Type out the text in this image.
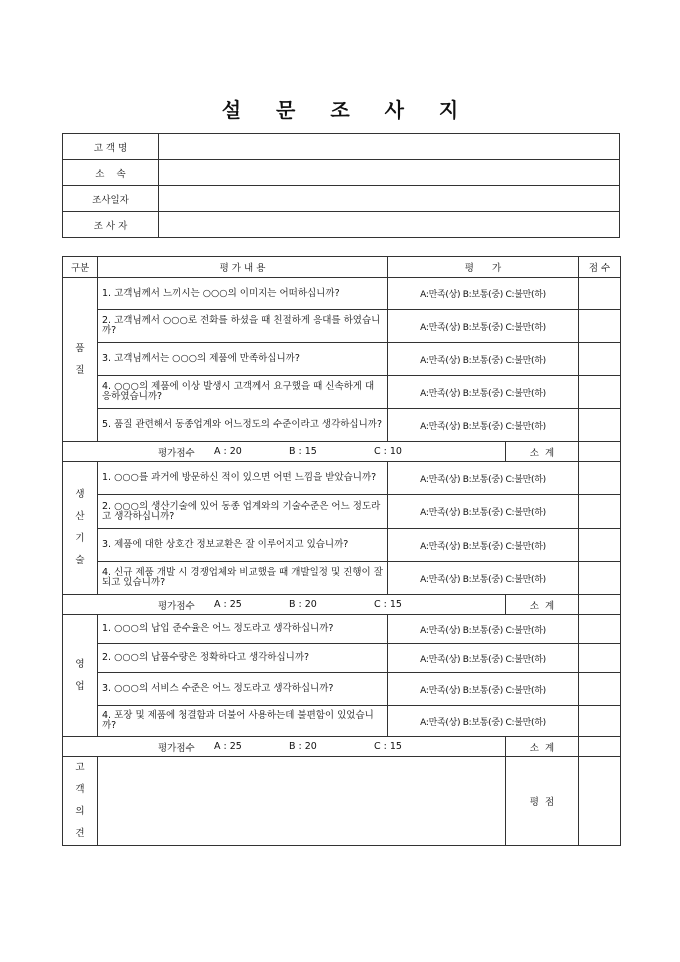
설 문 조 사 지
고 객 명	
소    속	
조사일자	
조 사 자	
구분	평 가 내 용	평      가		점 수
품질	1. 고객님께서 느끼시는 ○○○의 이미지는 어떠하십니까?	A:만족(상) B:보통(중) C:불만(하)		
	2. 고객님께서 ○○○로 전화를 하셨을 때 친절하게 응대를 하였습니까?	A:만족(상) B:보통(중) C:불만(하)		
	3. 고객님께서는 ○○○의 제품에 만족하십니까?	A:만족(상) B:보통(중) C:불만(하)		
	4. ○○○의 제품에 이상 발생시 고객께서 요구했을 때 신속하게 대응하였습니까?	A:만족(상) B:보통(중) C:불만(하)		
	5. 품질 관련해서 동종업계와 어느정도의 수준이라고 생각하십니까?	A:만족(상) B:보통(중) C:불만(하)		

평가점수 A : 20 B : 15 C : 10			소  계	
생산기술	1. ○○○를 과거에 방문하신 적이 있으면 어떤 느낌을 받았습니까?	A:만족(상) B:보통(중) C:불만(하)		
	2. ○○○의 생산기술에 있어 동종 업계와의 기술수준은 어느 정도라고 생각하십니까?	A:만족(상) B:보통(중) C:불만(하)		
	3. 제품에 대한 상호간 정보교환은 잘 이루어지고 있습니까?	A:만족(상) B:보통(중) C:불만(하)		
	4. 신규 제품 개발 시 경쟁업체와 비교했을 때 개발일정 및 진행이 잘 되고 있습니까?	A:만족(상) B:보통(중) C:불만(하)		

평가점수 A : 25 B : 20 C : 15			소  계	
영업	1. ○○○의 납입 준수율은 어느 정도라고 생각하십니까?	A:만족(상) B:보통(중) C:불만(하)		
	2. ○○○의 납품수량은 정확하다고 생각하십니까?	A:만족(상) B:보통(중) C:불만(하)		
	3. ○○○의 서비스 수준은 어느 정도라고 생각하십니까?	A:만족(상) B:보통(중) C:불만(하)		
	4. 포장 및 제품에 청결함과 더불어 사용하는데 불편함이 있었습니까?	A:만족(상) B:보통(중) C:불만(하)		

평가점수 A : 25 B : 20 C : 15			소  계	
고객의견			평  점	
